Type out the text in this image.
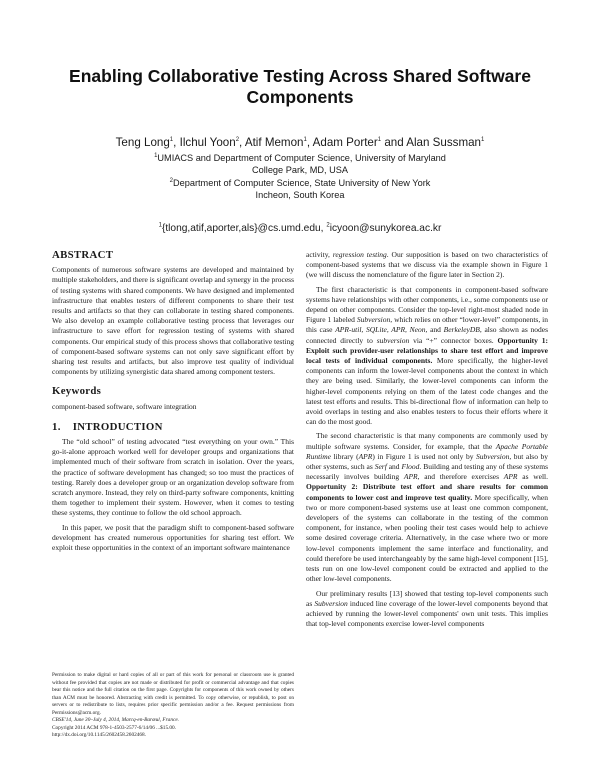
Enabling Collaborative Testing Across Shared Software Components
Teng Long$^1$, Ilchul Yoon$^2$, Atif Memon$^1$, Adam Porter$^1$ and Alan Sussman$^1$
$^1$UMIACS and Department of Computer Science, University of Maryland
College Park, MD, USA
$^2$Department of Computer Science, State University of New York
Incheon, South Korea
$^1${tlong,atif,aporter,als}@cs.umd.edu, $^2$icyoon@sunykorea.ac.kr
ABSTRACT

Components of numerous software systems are developed and maintained by multiple stakeholders, and there is significant overlap and synergy in the process of testing systems with shared components. We have designed and implemented infrastructure that enables testers of different components to share their test results and artifacts so that they can collaborate in testing shared components. We also develop an example collaborative testing process that leverages our infrastructure to save effort for regression testing of systems with shared components. Our empirical study of this process shows that collaborative testing of component-based software systems can not only save significant effort by sharing test results and artifacts, but also improve test quality of individual components by utilizing synergistic data shared among component testers.

Keywords

component-based software, software integration

1. INTRODUCTION

The “old school” of testing advocated “test everything on your own.” This go-it-alone approach worked well for developer groups and organizations that implemented much of their software from scratch in isolation. Over the years, the practice of software development has changed; so too must the practices of testing. Rarely does a developer group or an organization develop software from scratch anymore. Instead, they rely on third-party software components, knitting them together to implement their system. However, when it comes to testing these systems, they continue to follow the old school approach.

In this paper, we posit that the paradigm shift to component-based software development has created numerous opportunities for sharing test effort. We exploit these opportunities in the context of an important software maintenance

activity, regression testing. Our supposition is based on two characteristics of component-based systems that we discuss via the example shown in Figure 1 (we will discuss the nomenclature of the figure later in Section 2).

The first characteristic is that components in component-based software systems have relationships with other components, i.e., some components use or depend on other components. Consider the top-level right-most shaded node in Figure 1 labeled Subversion, which relies on other “lower-level” components, in this case APR-util, SQLite, APR, Neon, and BerkeleyDB, also shown as nodes connected directly to subversion via “+” connector boxes. Opportunity 1: Exploit such provider-user relationships to share test effort and improve local tests of individual components. More specifically, the higher-level components can inform the lower-level components about the context in which they are being used. Similarly, the lower-level components can inform the higher-level components relying on them of the latest code changes and the latest test efforts and results. This bi-directional flow of information can help to avoid overlaps in testing and also enables testers to focus their efforts where it can do the most good.

The second characteristic is that many components are commonly used by multiple software systems. Consider, for example, that the Apache Portable Runtime library (APR) in Figure 1 is used not only by Subversion, but also by other systems, such as Serf and Flood. Building and testing any of these systems necessarily involves building APR, and therefore exercises APR as well. Opportunity 2: Distribute test effort and share results for common components to lower cost and improve test quality. More specifically, when two or more component-based systems use at least one common component, developers of the systems can collaborate in the testing of the common component, for instance, when pooling their test cases would help to achieve some desired coverage criteria. Alternatively, in the case where two or more low-level components implement the same interface and functionality, and could therefore be used interchangeably by the same high-level component [15], tests run on one low-level component could be extracted and applied to the other low-level components.

Our preliminary results [13] showed that testing top-level components such as Subversion induced line coverage of the lower-level components beyond that achieved by running the lower-level components' own unit tests. This implies that top-level components exercise lower-level components

Permission to make digital or hard copies of all or part of this work for personal or classroom use is granted without fee provided that copies are not made or distributed for profit or commercial advantage and that copies bear this notice and the full citation on the first page. Copyrights for components of this work owned by others than ACM must be honored. Abstracting with credit is permitted. To copy otherwise, or republish, to post on servers or to redistribute to lists, requires prior specific permission and/or a fee. Request permissions from Permissions@acm.org.
CBSE'14, June 30–July 4, 2014, Marcq-en-Barœul, France.
Copyright 2014 ACM 978-1-4503-2577-6/14/06 ...$15.00.
http://dx.doi.org/10.1145/2602458.2602468.
